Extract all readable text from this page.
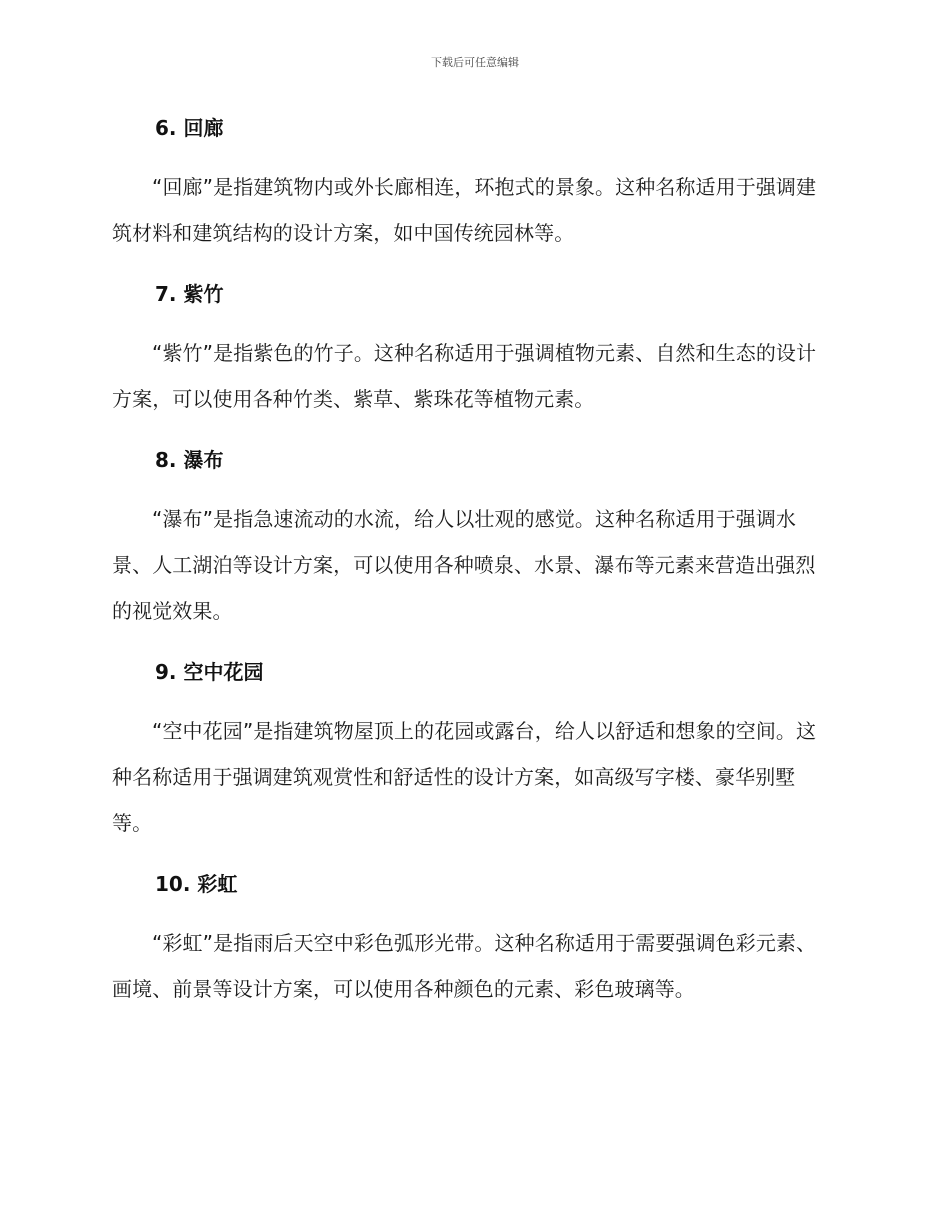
下载后可任意编辑
6. 回廊

“回廊”是指建筑物内或外长廊相连，环抱式的景象。这种名称适用于强调建筑材料和建筑结构的设计方案，如中国传统园林等。

7. 紫竹

“紫竹”是指紫色的竹子。这种名称适用于强调植物元素、自然和生态的设计方案，可以使用各种竹类、紫草、紫珠花等植物元素。

8. 瀑布

“瀑布”是指急速流动的水流，给人以壮观的感觉。这种名称适用于强调水景、人工湖泊等设计方案，可以使用各种喷泉、水景、瀑布等元素来营造出强烈的视觉效果。

9. 空中花园

“空中花园”是指建筑物屋顶上的花园或露台，给人以舒适和想象的空间。这种名称适用于强调建筑观赏性和舒适性的设计方案，如高级写字楼、豪华别墅等。

10. 彩虹

“彩虹”是指雨后天空中彩色弧形光带。这种名称适用于需要强调色彩元素、画境、前景等设计方案，可以使用各种颜色的元素、彩色玻璃等。
